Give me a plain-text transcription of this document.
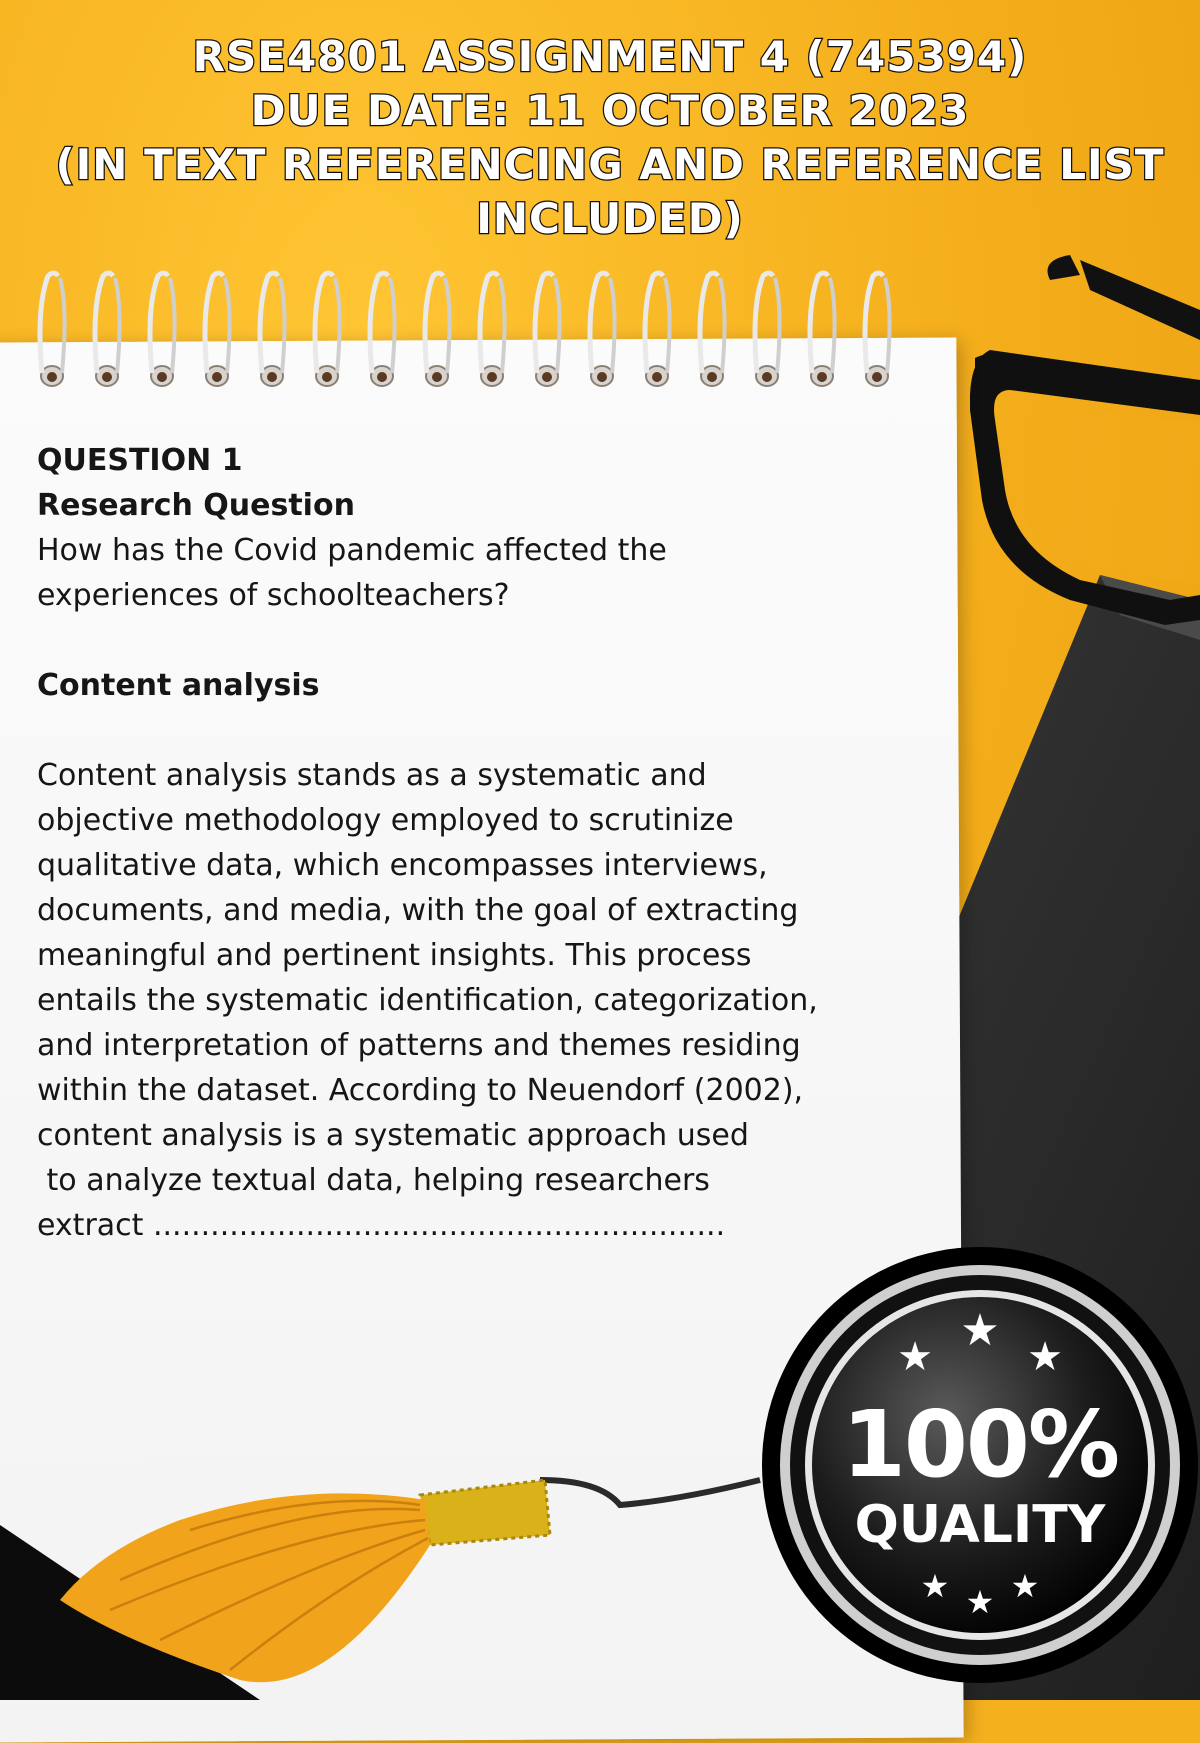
RSE4801 ASSIGNMENT 4 (745394)
DUE DATE: 11 OCTOBER 2023
(IN TEXT REFERENCING AND REFERENCE LIST
INCLUDED)

QUESTION 1

Research Question

How has the Covid pandemic affected the

experiences of schoolteachers?

Content analysis

Content analysis stands as a systematic and

objective methodology employed to scrutinize

qualitative data, which encompasses interviews,

documents, and media, with the goal of extracting

meaningful and pertinent insights. This process

entails the systematic identification, categorization,

and interpretation of patterns and themes residing

within the dataset. According to Neuendorf (2002),

content analysis is a systematic approach used

to analyze textual data, helping researchers

extract ............................................................

★
★ ★
★ ★ ★
100%
QUALITY
